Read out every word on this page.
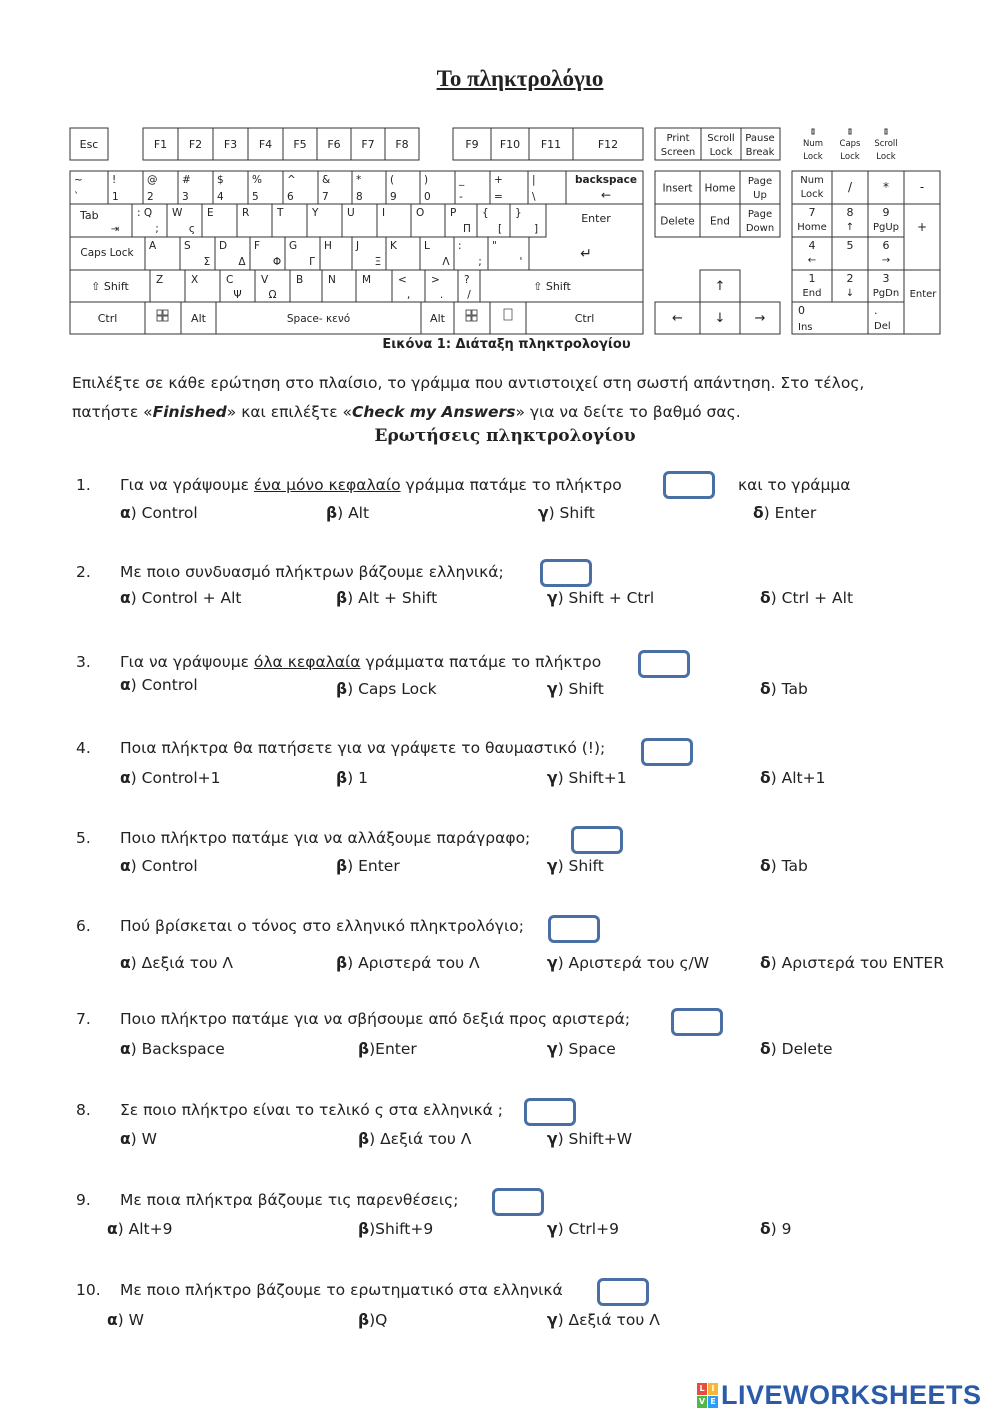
Το πληκτρολόγιο
Esc	F1 F2 F3 F4 F5 F6 F7 F8	F9 F10 F11	F12	Print
Screen
Scroll
Lock
Pause
Break
Num
Lock
Caps
Lock
Scroll
Lock
~
`
!
1
@
2
#
3
$
4
%
5
^
6
&
7
*
8
(
9
)
0
_
-
+
=
|
\
backspace
←
Tab
⇥
: Q
;
W
ς
E	R	T	Y	U	I	O P
Π
{
[
}
]
Caps Lock
A	S
Σ
D
Δ
F
Φ
G
Γ
H J
Ξ
K	L
Λ
:
;
"
'
Enter
↵
⇧ Shift	Z	X	C
Ψ
V
Ω
B N M	<
,
>
.
?
/
⇧ Shift
Ctrl	Alt	Space- κενό	Alt	Ctrl
Insert Home
Page
Up
Delete End
Page
Down
↑
← ↓ →
Num
Lock
/	*	-
7
Home
8
↑
9
PgUp
4
←
5	6
→
1
End
2
↓
3
PgDn
+
Enter
0
Ins
.
Del
Εικόνα 1: Διάταξη πληκτρολογίου
Επιλέξτε σε κάθε ερώτηση στο πλαίσιο, το γράμμα που αντιστοιχεί στη σωστή απάντηση. Στο τέλος,
πατήστε «Finished» και επιλέξτε «Check my Answers» για να δείτε το βαθμό σας.
Ερωτήσεις πληκτρολογίου
1. Για να γράψουμε ένα μόνο κεφαλαίο γράμμα πατάμε το πλήκτρο	και το γράμμα
α) Control	β) Alt	γ) Shift	δ) Enter
2. Με ποιο συνδυασμό πλήκτρων βάζουμε ελληνικά;
α) Control + Alt	β) Alt + Shift	γ) Shift + Ctrl	δ) Ctrl + Alt
3. Για να γράψουμε όλα κεφαλαία γράμματα πατάμε το πλήκτρο
α) Control	β) Caps Lock	γ) Shift	δ) Tab
4. Ποια πλήκτρα θα πατήσετε για να γράψετε το θαυμαστικό (!);
α) Control+1	β) 1	γ) Shift+1	δ) Alt+1
5. Ποιο πλήκτρο πατάμε για να αλλάξουμε παράγραφο;
α) Control	β) Enter	γ) Shift	δ) Tab
6. Πού βρίσκεται ο τόνος στο ελληνικό πληκτρολόγιο;
α) Δεξιά του Λ	β) Αριστερά του Λ	γ) Αριστερά του ς/W	δ) Αριστερά του ENTER
7. Ποιο πλήκτρο πατάμε για να σβήσουμε από δεξιά προς αριστερά;
α) Backspace	β)Enter	γ) Space	δ) Delete
8. Σε ποιο πλήκτρο είναι το τελικό ς στα ελληνικά ;
α) W	β) Δεξιά του Λ	γ) Shift+W
9. Με ποια πλήκτρα βάζουμε τις παρενθέσεις;
α) Alt+9	β)Shift+9	γ) Ctrl+9	δ) 9
10. Με ποιο πλήκτρο βάζουμε το ερωτηματικό στα ελληνικά
α) W	β)Q	γ) Δεξιά του Λ
L I
V E LIVEWORKSHEETS
